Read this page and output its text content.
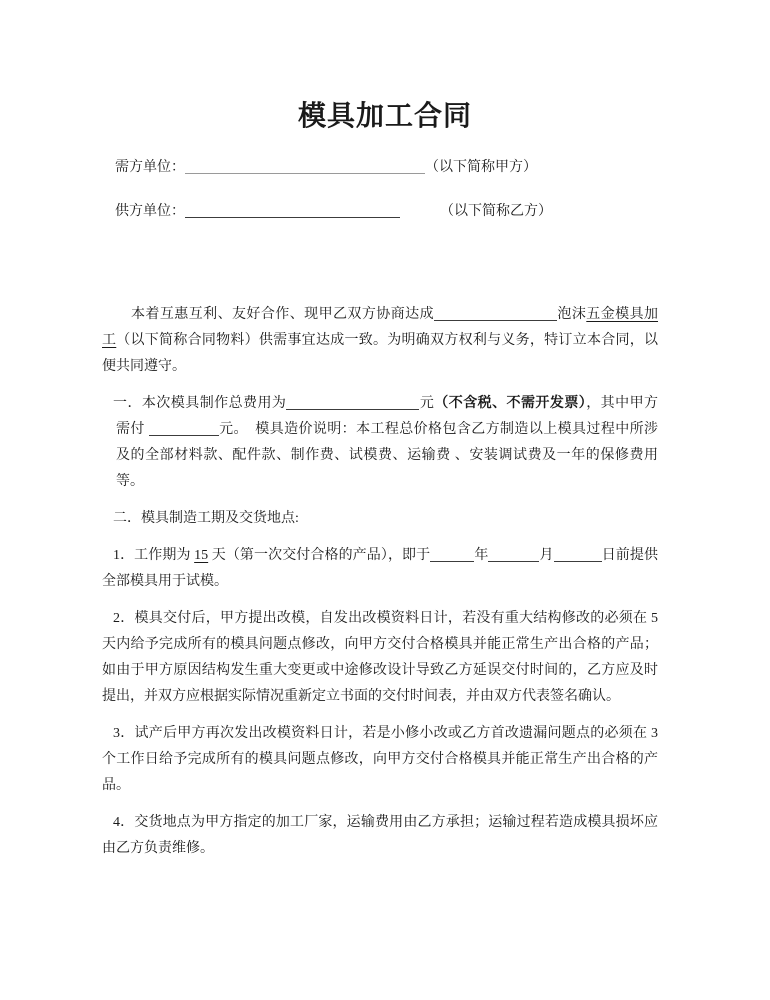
模具加工合同
需方单位：	（以下简称甲方）
供方单位：	（以下简称乙方）

本着互惠互利、友好合作、现甲乙双方协商达成	泡沫五金模具加工（以下简称合同物料）供需事宜达成一致。为明确双方权利与义务，特订立本合同，以便共同遵守。

一．本次模具制作总费用为	元（不含税、不需开发票），其中甲方需付	元。　模具造价说明：本工程总价格包含乙方制造以上模具过程中所涉及的全部材料款、配件款、制作费、试模费、运输费 、安装调试费及一年的保修费用等。

二．模具制造工期及交货地点:

1．工作期为 15 天（第一次交付合格的产品），即于	年	月	日前提供全部模具用于试模。

2．模具交付后，甲方提出改模，自发出改模资料日计，若没有重大结构修改的必须在 5 天内给予完成所有的模具问题点修改，向甲方交付合格模具并能正常生产出合格的产品；如由于甲方原因结构发生重大变更或中途修改设计导致乙方延误交付时间的，乙方应及时提出，并双方应根据实际情况重新定立书面的交付时间表，并由双方代表签名确认。

3．试产后甲方再次发出改模资料日计，若是小修小改或乙方首改遗漏问题点的必须在 3 个工作日给予完成所有的模具问题点修改，向甲方交付合格模具并能正常生产出合格的产品。

4．交货地点为甲方指定的加工厂家，运输费用由乙方承担；运输过程若造成模具损坏应由乙方负责维修。
